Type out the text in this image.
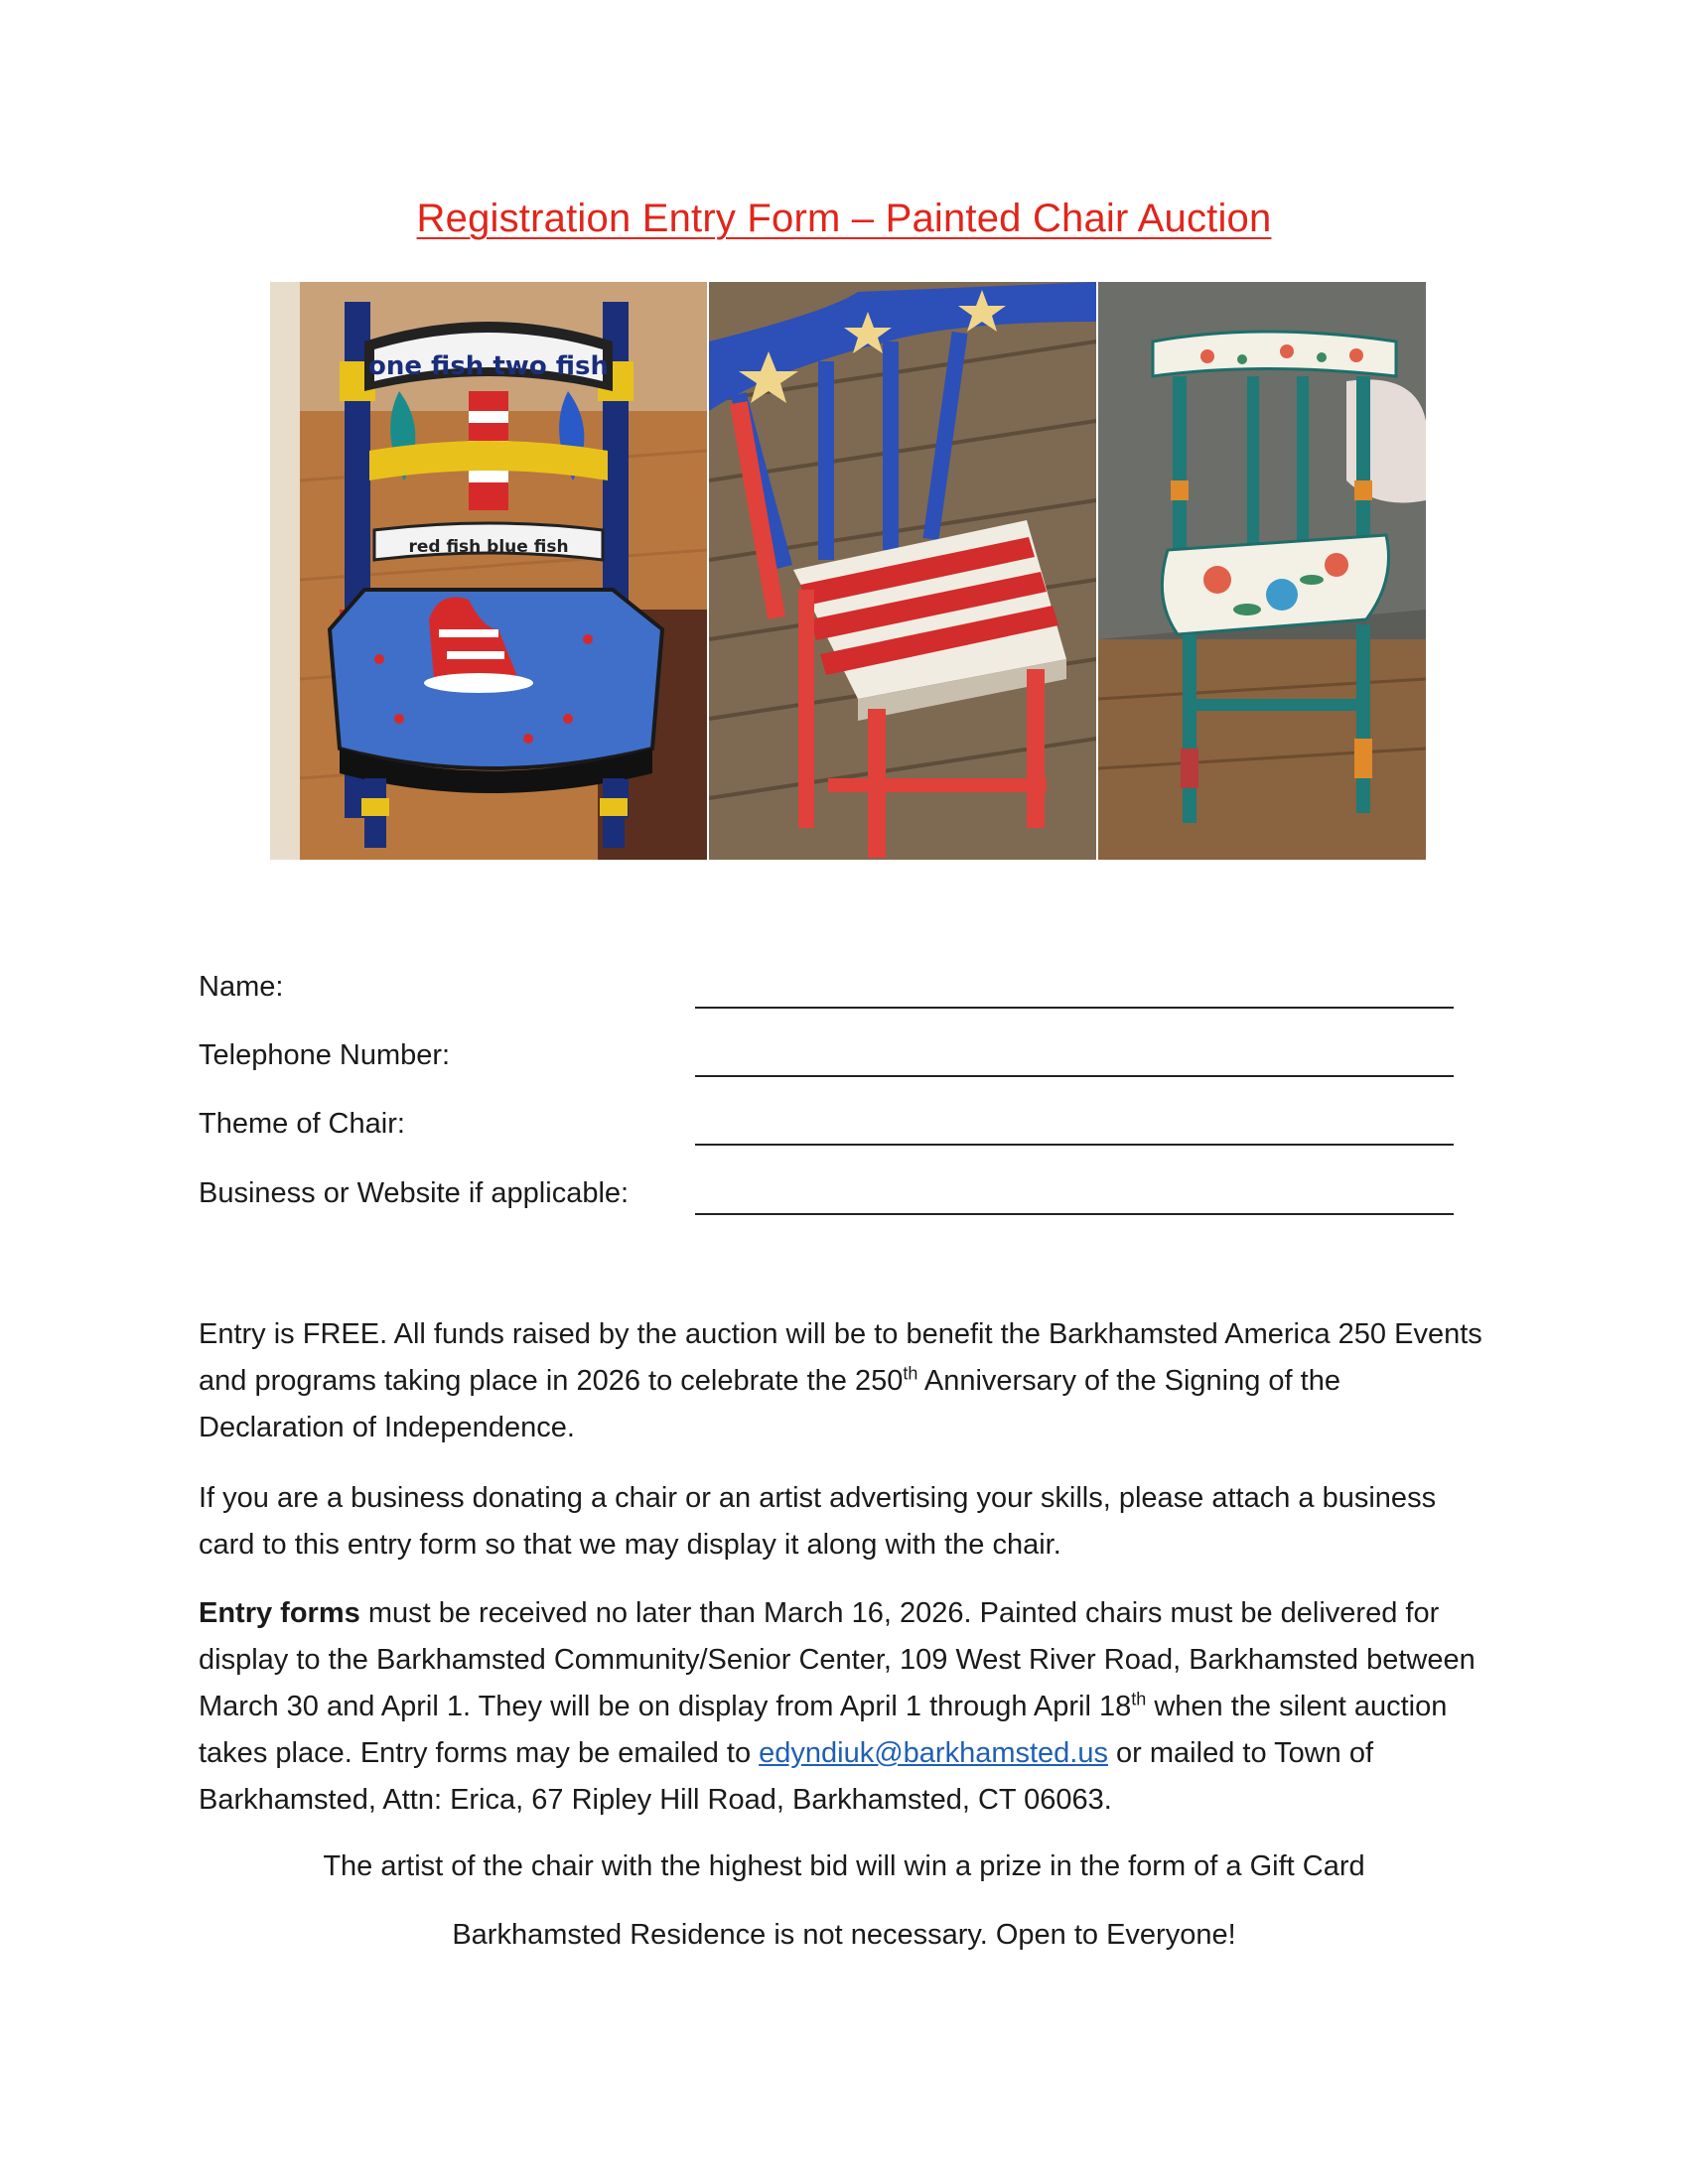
Registration Entry Form – Painted Chair Auction
one fish two fish
red fish blue fish
Name:
Telephone Number:
Theme of Chair:
Business or Website if applicable:
Entry is FREE. All funds raised by the auction will be to benefit the Barkhamsted America 250 Events and programs taking place in 2026 to celebrate the 250th Anniversary of the Signing of the Declaration of Independence.
If you are a business donating a chair or an artist advertising your skills, please attach a business card to this entry form so that we may display it along with the chair.
Entry forms must be received no later than March 16, 2026. Painted chairs must be delivered for display to the Barkhamsted Community/Senior Center, 109 West River Road, Barkhamsted between March 30 and April 1. They will be on display from April 1 through April 18th when the silent auction takes place. Entry forms may be emailed to edyndiuk@barkhamsted.us or mailed to Town of Barkhamsted, Attn: Erica, 67 Ripley Hill Road, Barkhamsted, CT 06063.
The artist of the chair with the highest bid will win a prize in the form of a Gift Card
Barkhamsted Residence is not necessary. Open to Everyone!
